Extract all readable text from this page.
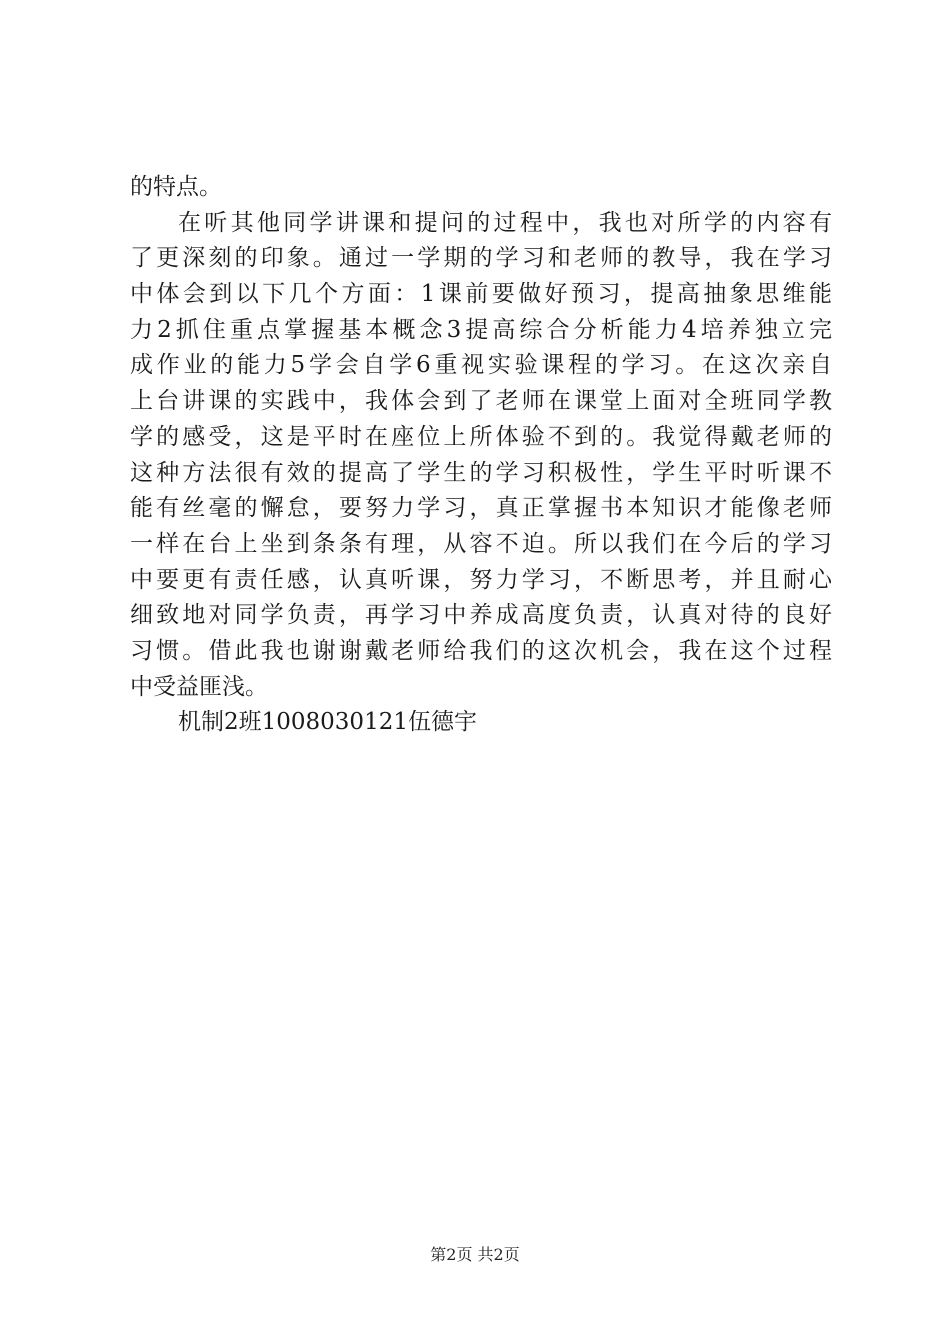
的特点。
在听其他同学讲课和提问的过程中，我也对所学的内容有
了更深刻的印象。通过一学期的学习和老师的教导，我在学习
中体会到以下几个方面：1课前要做好预习，提高抽象思维能
力2抓住重点掌握基本概念3提高综合分析能力4培养独立完
成作业的能力5学会自学6重视实验课程的学习。在这次亲自
上台讲课的实践中，我体会到了老师在课堂上面对全班同学教
学的感受，这是平时在座位上所体验不到的。我觉得戴老师的
这种方法很有效的提高了学生的学习积极性，学生平时听课不
能有丝毫的懈怠，要努力学习，真正掌握书本知识才能像老师
一样在台上坐到条条有理，从容不迫。所以我们在今后的学习
中要更有责任感，认真听课，努力学习，不断思考，并且耐心
细致地对同学负责，再学习中养成高度负责，认真对待的良好
习惯。借此我也谢谢戴老师给我们的这次机会，我在这个过程
中受益匪浅。
机制2班1008030121伍德宇
第2页 共2页
